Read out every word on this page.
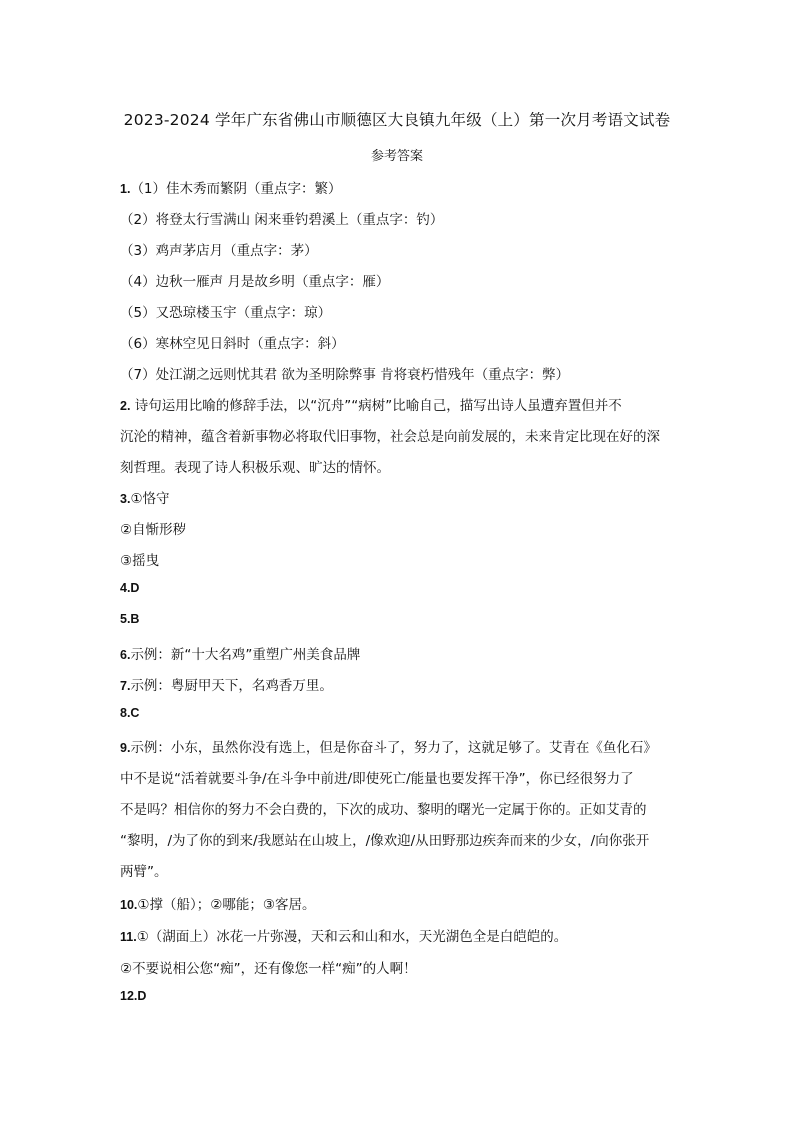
2023-2024 学年广东省佛山市顺德区大良镇九年级（上）第一次月考语文试卷
参考答案
1.（1）佳木秀而繁阴（重点字：繁）
（2）将登太行雪满山 闲来垂钓碧溪上（重点字：钓）
（3）鸡声茅店月（重点字：茅）
（4）边秋一雁声 月是故乡明（重点字：雁）
（5）又恐琼楼玉宇（重点字：琼）
（6）寒林空见日斜时（重点字：斜）
（7）处江湖之远则忧其君 欲为圣明除弊事 肯将衰朽惜残年（重点字：弊）
2. 诗句运用比喻的修辞手法，以“沉舟”“病树”比喻自己，描写出诗人虽遭弃置但并不
沉沦的精神，蕴含着新事物必将取代旧事物，社会总是向前发展的，未来肯定比现在好的深
刻哲理。表现了诗人积极乐观、旷达的情怀。
3.①恪守
②自惭形秽
③摇曳
4.D
5.B
6.示例：新“十大名鸡”重塑广州美食品牌
7.示例：粤厨甲天下，名鸡香万里。
8.C
9.示例：小东，虽然你没有选上，但是你奋斗了，努力了，这就足够了。艾青在《鱼化石》
中不是说“活着就要斗争/在斗争中前进/即使死亡/能量也要发挥干净”，你已经很努力了
不是吗？相信你的努力不会白费的，下次的成功、黎明的曙光一定属于你的。正如艾青的
“黎明，/为了你的到来/我愿站在山坡上，/像欢迎/从田野那边疾奔而来的少女，/向你张开
两臂”。
10.①撑（船）；②哪能；③客居。
11.①（湖面上）冰花一片弥漫，天和云和山和水，天光湖色全是白皑皑的。
②不要说相公您“痴”，还有像您一样“痴”的人啊！
12.D
